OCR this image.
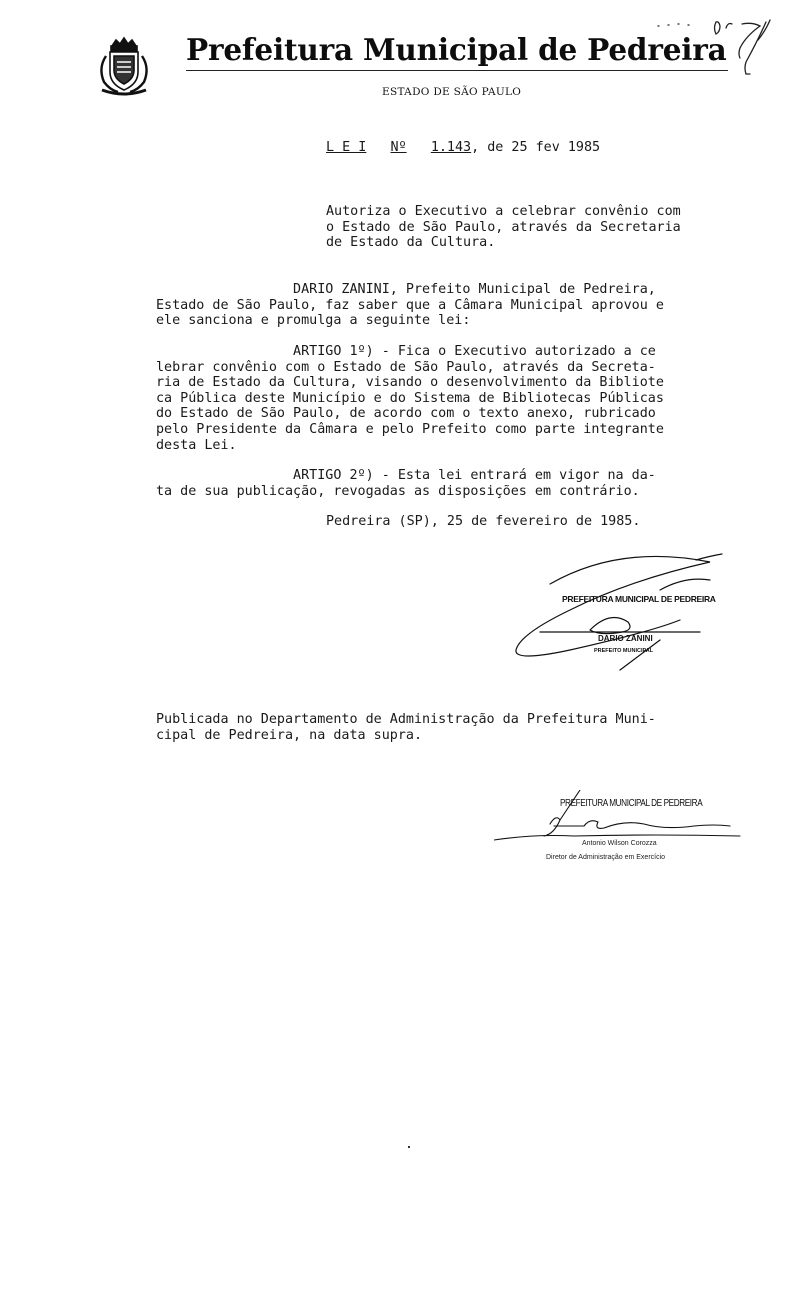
Prefeitura Municipal de Pedreira
ESTADO DE SÃO PAULO
L E I Nº 1.143, de 25 fev 1985
Autoriza o Executivo a celebrar convênio com
o Estado de São Paulo, através da Secretaria
de Estado da Cultura.
DARIO ZANINI, Prefeito Municipal de Pedreira,
Estado de São Paulo, faz saber que a Câmara Municipal aprovou e
ele sanciona e promulga a seguinte lei:
ARTIGO 1º) - Fica o Executivo autorizado a ce
lebrar convênio com o Estado de São Paulo, através da Secreta-
ria de Estado da Cultura, visando o desenvolvimento da Bibliote
ca Pública deste Município e do Sistema de Bibliotecas Públicas
do Estado de São Paulo, de acordo com o texto anexo, rubricado
pelo Presidente da Câmara e pelo Prefeito como parte integrante
desta Lei.
ARTIGO 2º) - Esta lei entrará em vigor na da-
ta de sua publicação, revogadas as disposições em contrário.
Pedreira (SP), 25 de fevereiro de 1985.
PREFEITURA MUNICIPAL DE PEDREIRA
DARIO ZANINI
PREFEITO MUNICIPAL
Publicada no Departamento de Administração da Prefeitura Muni-
cipal de Pedreira, na data supra.
PREFEITURA MUNICIPAL DE PEDREIRA
Antonio Wilson Corozza
Diretor de Administração em Exercício
